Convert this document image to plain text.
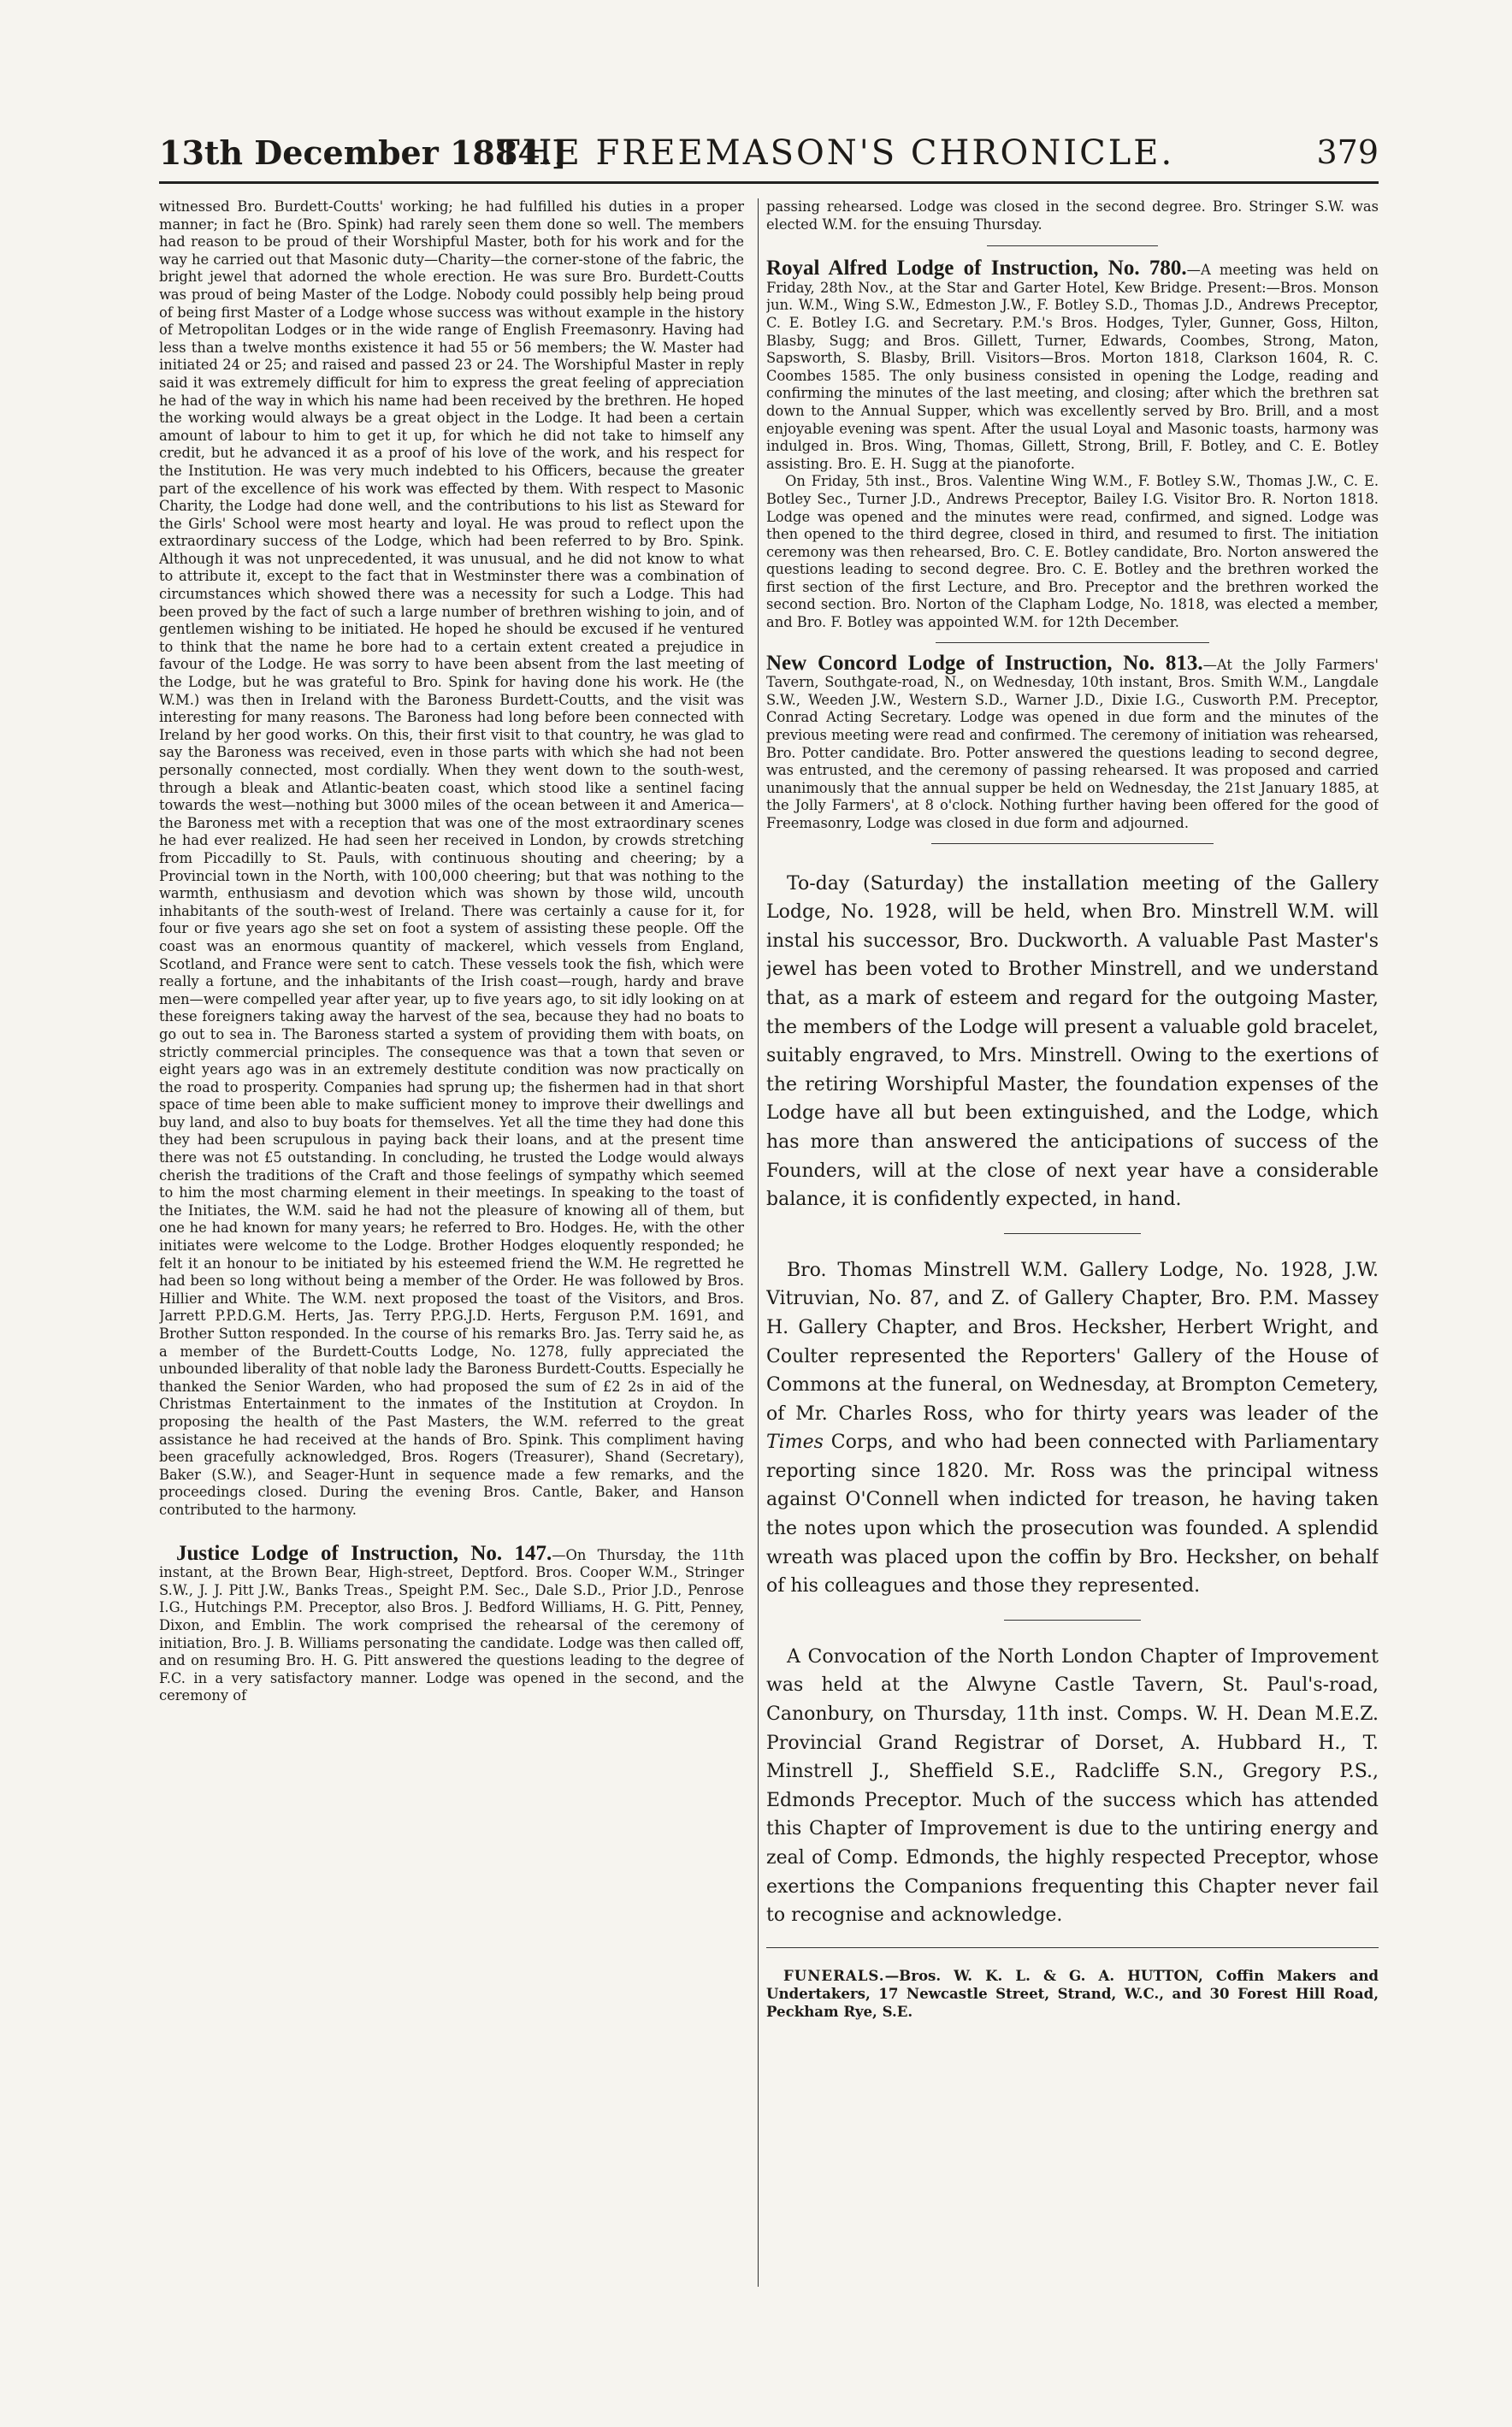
13th December 1884.]
THE FREEMASON'S CHRONICLE.	379

witnessed Bro. Burdett-Coutts' working; he had fulfilled his duties in a proper manner; in fact he (Bro. Spink) had rarely seen them done so well. The members had reason to be proud of their Worshipful Master, both for his work and for the way he carried out that Masonic duty—Charity—the corner-stone of the fabric, the bright jewel that adorned the whole erection. He was sure Bro. Burdett-Coutts was proud of being Master of the Lodge. Nobody could possibly help being proud of being first Master of a Lodge whose success was without example in the history of Metropolitan Lodges or in the wide range of English Freemasonry. Having had less than a twelve months existence it had 55 or 56 members; the W. Master had initiated 24 or 25; and raised and passed 23 or 24. The Worshipful Master in reply said it was extremely difficult for him to express the great feeling of appreciation he had of the way in which his name had been received by the brethren. He hoped the working would always be a great object in the Lodge. It had been a certain amount of labour to him to get it up, for which he did not take to himself any credit, but he advanced it as a proof of his love of the work, and his respect for the Institution. He was very much indebted to his Officers, because the greater part of the excellence of his work was effected by them. With respect to Masonic Charity, the Lodge had done well, and the contributions to his list as Steward for the Girls' School were most hearty and loyal. He was proud to reflect upon the extraordinary success of the Lodge, which had been referred to by Bro. Spink. Although it was not unprecedented, it was unusual, and he did not know to what to attribute it, except to the fact that in Westminster there was a combination of circumstances which showed there was a necessity for such a Lodge. This had been proved by the fact of such a large number of brethren wishing to join, and of gentlemen wishing to be initiated. He hoped he should be excused if he ventured to think that the name he bore had to a certain extent created a prejudice in favour of the Lodge. He was sorry to have been absent from the last meeting of the Lodge, but he was grateful to Bro. Spink for having done his work. He (the W.M.) was then in Ireland with the Baroness Burdett-Coutts, and the visit was interesting for many reasons. The Baroness had long before been connected with Ireland by her good works. On this, their first visit to that country, he was glad to say the Baroness was received, even in those parts with which she had not been personally connected, most cordially. When they went down to the south-west, through a bleak and Atlantic-beaten coast, which stood like a sentinel facing towards the west—nothing but 3000 miles of the ocean between it and America—the Baroness met with a reception that was one of the most extraordinary scenes he had ever realized. He had seen her received in London, by crowds stretching from Piccadilly to St. Pauls, with continuous shouting and cheering; by a Provincial town in the North, with 100,000 cheering; but that was nothing to the warmth, enthusiasm and devotion which was shown by those wild, uncouth inhabitants of the south-west of Ireland. There was certainly a cause for it, for four or five years ago she set on foot a system of assisting these people. Off the coast was an enormous quantity of mackerel, which vessels from England, Scotland, and France were sent to catch. These vessels took the fish, which were really a fortune, and the inhabitants of the Irish coast—rough, hardy and brave men—were compelled year after year, up to five years ago, to sit idly looking on at these foreigners taking away the harvest of the sea, because they had no boats to go out to sea in. The Baroness started a system of providing them with boats, on strictly commercial principles. The consequence was that a town that seven or eight years ago was in an extremely destitute condition was now practically on the road to prosperity. Companies had sprung up; the fishermen had in that short space of time been able to make sufficient money to improve their dwellings and buy land, and also to buy boats for themselves. Yet all the time they had done this they had been scrupulous in paying back their loans, and at the present time there was not £5 outstanding. In concluding, he trusted the Lodge would always cherish the traditions of the Craft and those feelings of sympathy which seemed to him the most charming element in their meetings. In speaking to the toast of the Initiates, the W.M. said he had not the pleasure of knowing all of them, but one he had known for many years; he referred to Bro. Hodges. He, with the other initiates were welcome to the Lodge. Brother Hodges eloquently responded; he felt it an honour to be initiated by his esteemed friend the W.M. He regretted he had been so long without being a member of the Order. He was followed by Bros. Hillier and White. The W.M. next proposed the toast of the Visitors, and Bros. Jarrett P.P.D.G.M. Herts, Jas. Terry P.P.G.J.D. Herts, Ferguson P.M. 1691, and Brother Sutton responded. In the course of his remarks Bro. Jas. Terry said he, as a member of the Burdett-Coutts Lodge, No. 1278, fully appreciated the unbounded liberality of that noble lady the Baroness Burdett-Coutts. Especially he thanked the Senior Warden, who had proposed the sum of £2 2s in aid of the Christmas Entertainment to the inmates of the Institution at Croydon. In proposing the health of the Past Masters, the W.M. referred to the great assistance he had received at the hands of Bro. Spink. This compliment having been gracefully acknowledged, Bros. Rogers (Treasurer), Shand (Secretary), Baker (S.W.), and Seager-Hunt in sequence made a few remarks, and the proceedings closed. During the evening Bros. Cantle, Baker, and Hanson contributed to the harmony.

Justice Lodge of Instruction, No. 147.—On Thursday, the 11th instant, at the Brown Bear, High-street, Deptford. Bros. Cooper W.M., Stringer S.W., J. J. Pitt J.W., Banks Treas., Speight P.M. Sec., Dale S.D., Prior J.D., Penrose I.G., Hutchings P.M. Preceptor, also Bros. J. Bedford Williams, H. G. Pitt, Penney, Dixon, and Emblin. The work comprised the rehearsal of the ceremony of initiation, Bro. J. B. Williams personating the candidate. Lodge was then called off, and on resuming Bro. H. G. Pitt answered the questions leading to the degree of F.C. in a very satisfactory manner. Lodge was opened in the second, and the ceremony of

passing rehearsed. Lodge was closed in the second degree. Bro. Stringer S.W. was elected W.M. for the ensuing Thursday.

Royal Alfred Lodge of Instruction, No. 780.—A meeting was held on Friday, 28th Nov., at the Star and Garter Hotel, Kew Bridge. Present:—Bros. Monson jun. W.M., Wing S.W., Edmeston J.W., F. Botley S.D., Thomas J.D., Andrews Preceptor, C. E. Botley I.G. and Secretary. P.M.'s Bros. Hodges, Tyler, Gunner, Goss, Hilton, Blasby, Sugg; and Bros. Gillett, Turner, Edwards, Coombes, Strong, Maton, Sapsworth, S. Blasby, Brill. Visitors—Bros. Morton 1818, Clarkson 1604, R. C. Coombes 1585. The only business consisted in opening the Lodge, reading and confirming the minutes of the last meeting, and closing; after which the brethren sat down to the Annual Supper, which was excellently served by Bro. Brill, and a most enjoyable evening was spent. After the usual Loyal and Masonic toasts, harmony was indulged in. Bros. Wing, Thomas, Gillett, Strong, Brill, F. Botley, and C. E. Botley assisting. Bro. E. H. Sugg at the pianoforte.

On Friday, 5th inst., Bros. Valentine Wing W.M., F. Botley S.W., Thomas J.W., C. E. Botley Sec., Turner J.D., Andrews Preceptor, Bailey I.G. Visitor Bro. R. Norton 1818. Lodge was opened and the minutes were read, confirmed, and signed. Lodge was then opened to the third degree, closed in third, and resumed to first. The initiation ceremony was then rehearsed, Bro. C. E. Botley candidate, Bro. Norton answered the questions leading to second degree. Bro. C. E. Botley and the brethren worked the first section of the first Lecture, and Bro. Preceptor and the brethren worked the second section. Bro. Norton of the Clapham Lodge, No. 1818, was elected a member, and Bro. F. Botley was appointed W.M. for 12th December.

New Concord Lodge of Instruction, No. 813.—At the Jolly Farmers' Tavern, Southgate-road, N., on Wednesday, 10th instant, Bros. Smith W.M., Langdale S.W., Weeden J.W., Western S.D., Warner J.D., Dixie I.G., Cusworth P.M. Preceptor, Conrad Acting Secretary. Lodge was opened in due form and the minutes of the previous meeting were read and confirmed. The ceremony of initiation was rehearsed, Bro. Potter candidate. Bro. Potter answered the questions leading to second degree, was entrusted, and the ceremony of passing rehearsed. It was proposed and carried unanimously that the annual supper be held on Wednesday, the 21st January 1885, at the Jolly Farmers', at 8 o'clock. Nothing further having been offered for the good of Freemasonry, Lodge was closed in due form and adjourned.

To-day (Saturday) the installation meeting of the Gallery Lodge, No. 1928, will be held, when Bro. Minstrell W.M. will instal his successor, Bro. Duckworth. A valuable Past Master's jewel has been voted to Brother Minstrell, and we understand that, as a mark of esteem and regard for the outgoing Master, the members of the Lodge will present a valuable gold bracelet, suitably engraved, to Mrs. Minstrell. Owing to the exertions of the retiring Worshipful Master, the foundation expenses of the Lodge have all but been extinguished, and the Lodge, which has more than answered the anticipations of success of the Founders, will at the close of next year have a considerable balance, it is confidently expected, in hand.

Bro. Thomas Minstrell W.M. Gallery Lodge, No. 1928, J.W. Vitruvian, No. 87, and Z. of Gallery Chapter, Bro. P.M. Massey H. Gallery Chapter, and Bros. Hecksher, Herbert Wright, and Coulter represented the Reporters' Gallery of the House of Commons at the funeral, on Wednesday, at Brompton Cemetery, of Mr. Charles Ross, who for thirty years was leader of the Times Corps, and who had been connected with Parliamentary reporting since 1820. Mr. Ross was the principal witness against O'Connell when indicted for treason, he having taken the notes upon which the prosecution was founded. A splendid wreath was placed upon the coffin by Bro. Hecksher, on behalf of his colleagues and those they represented.

A Convocation of the North London Chapter of Improvement was held at the Alwyne Castle Tavern, St. Paul's-road, Canonbury, on Thursday, 11th inst. Comps. W. H. Dean M.E.Z. Provincial Grand Registrar of Dorset, A. Hubbard H., T. Minstrell J., Sheffield S.E., Radcliffe S.N., Gregory P.S., Edmonds Preceptor. Much of the success which has attended this Chapter of Improvement is due to the untiring energy and zeal of Comp. Edmonds, the highly respected Preceptor, whose exertions the Companions frequenting this Chapter never fail to recognise and acknowledge.

FUNERALS.—Bros. W. K. L. & G. A. HUTTON, Coffin Makers and Undertakers, 17 Newcastle Street, Strand, W.C., and 30 Forest Hill Road, Peckham Rye, S.E.
